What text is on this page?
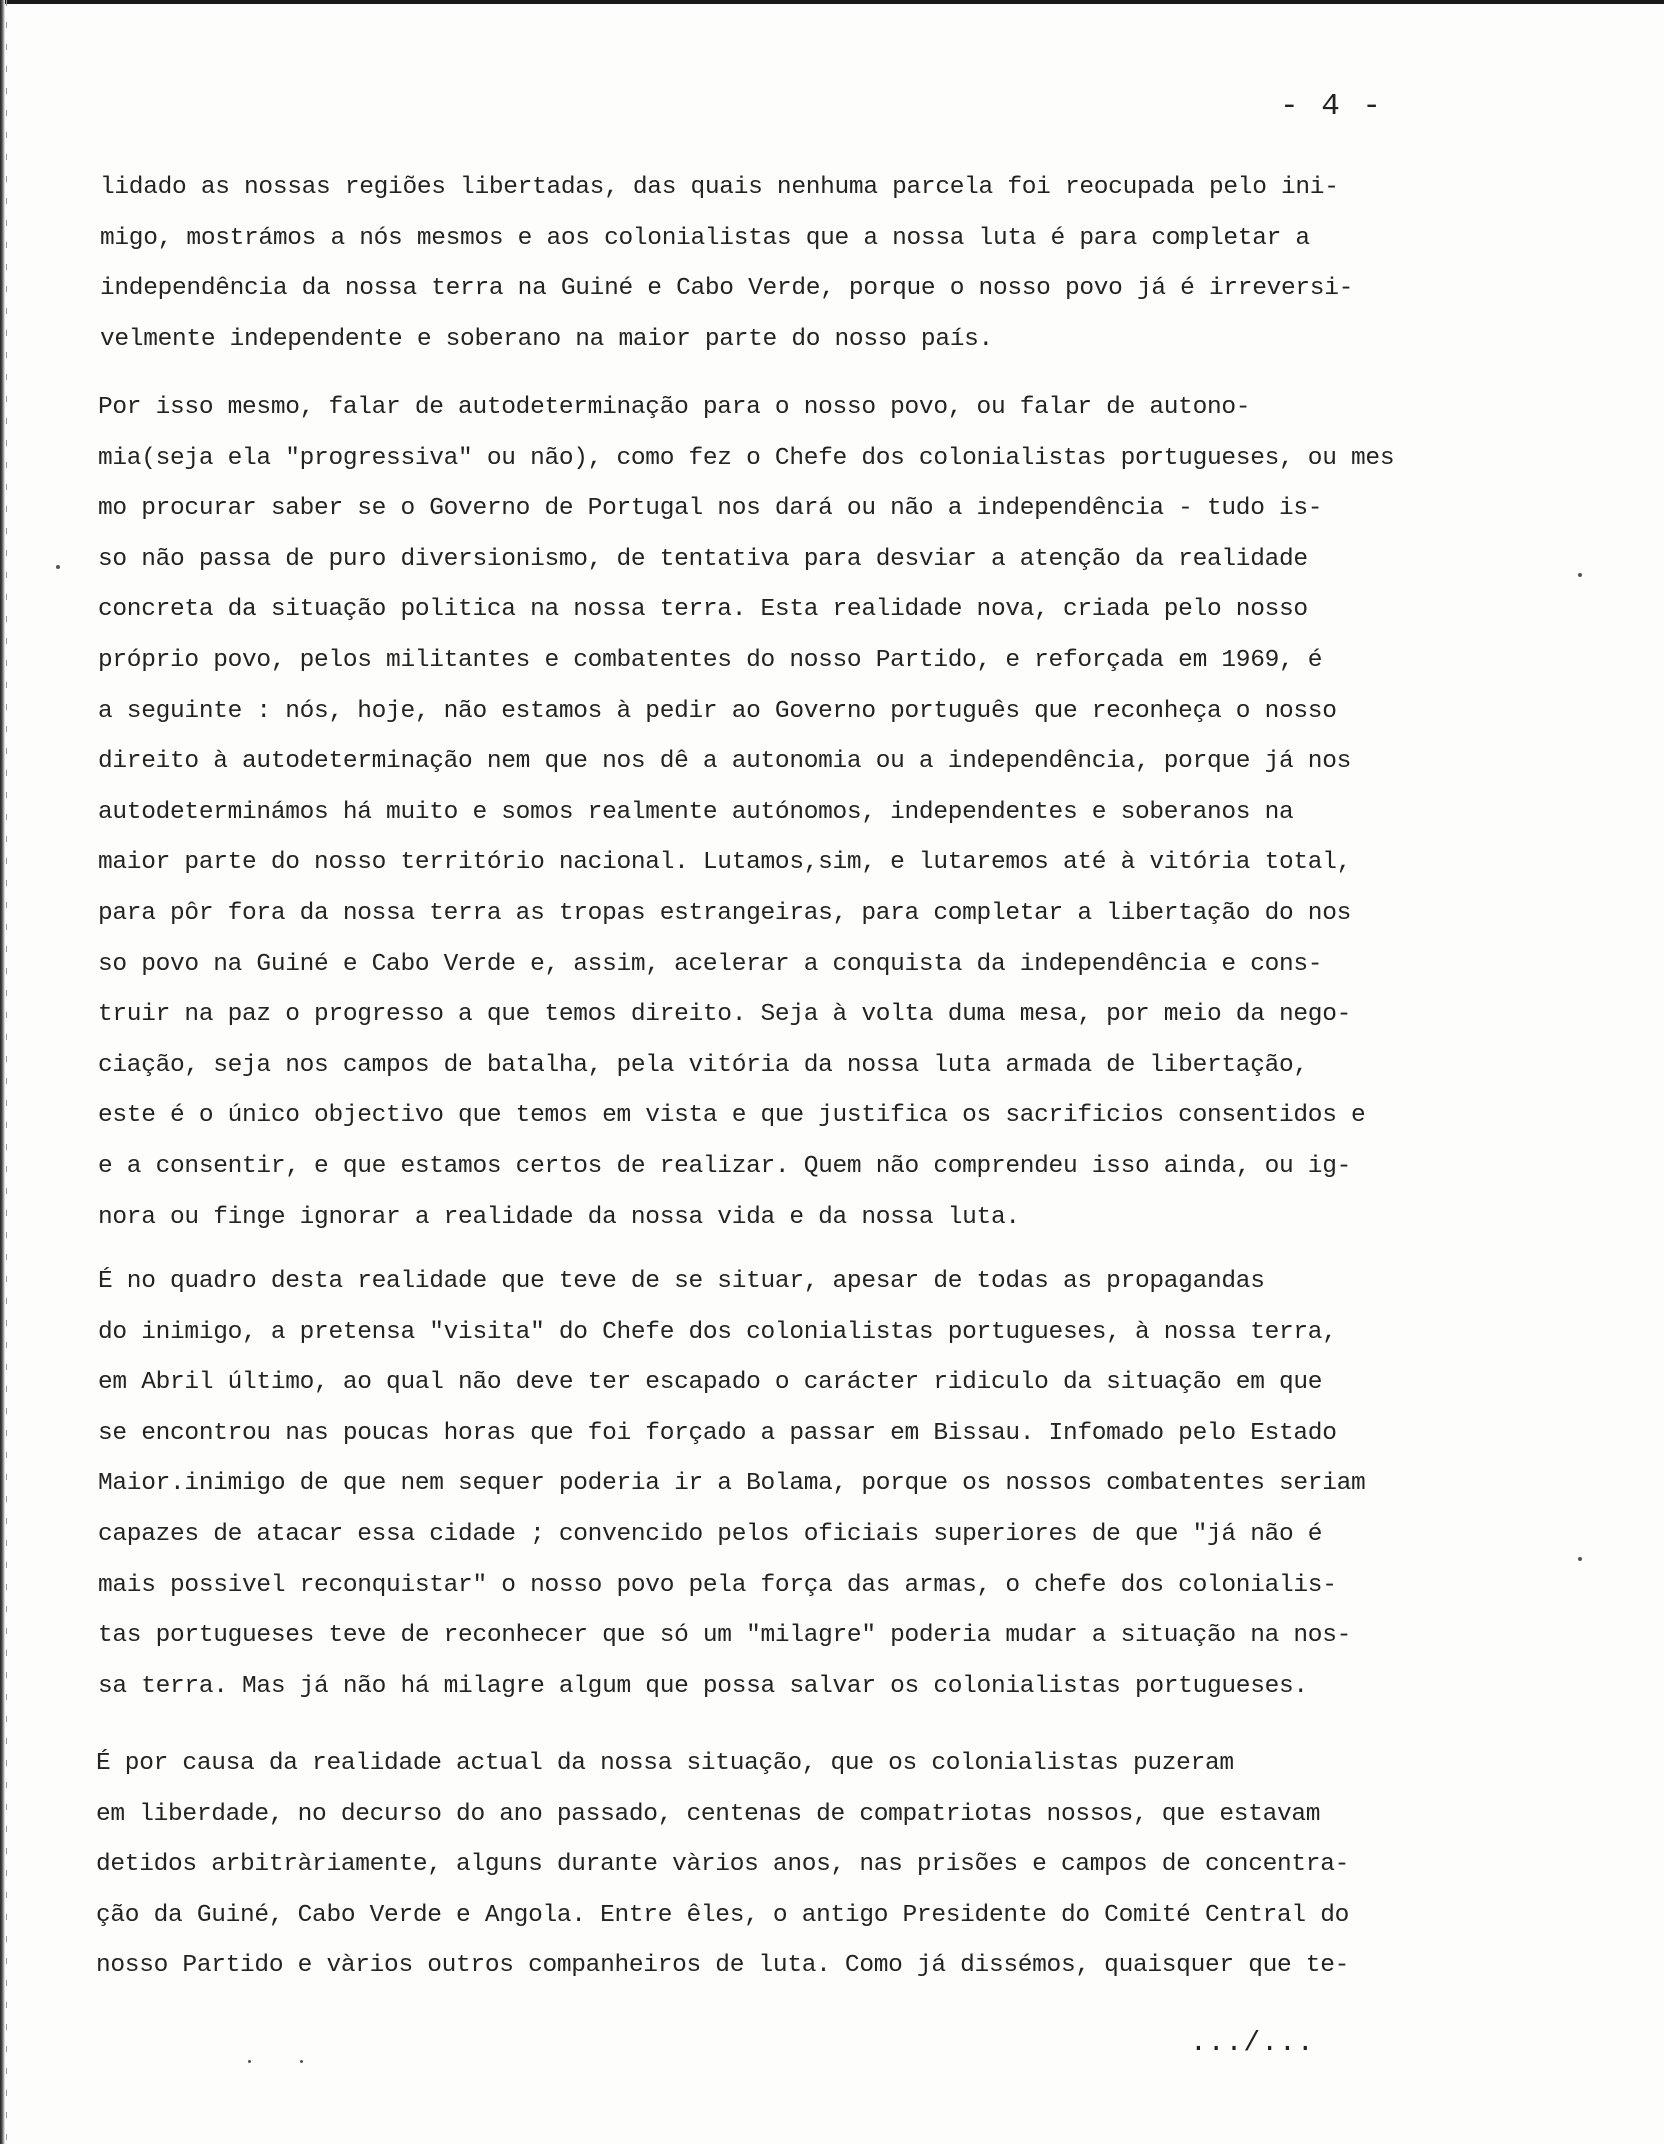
- 4 -
lidado as nossas regiões libertadas, das quais nenhuma parcela foi reocupada pelo ini-
migo, mostrámos a nós mesmos e aos colonialistas que a nossa luta é para completar a
independência da nossa terra na Guiné e Cabo Verde, porque o nosso povo já é irreversi-
velmente independente e soberano na maior parte do nosso país.
Por isso mesmo, falar de autodeterminação para o nosso povo, ou falar de autono-
mia(seja ela "progressiva" ou não), como fez o Chefe dos colonialistas portugueses, ou mes
mo procurar saber se o Governo de Portugal nos dará ou não a independência - tudo is-
so não passa de puro diversionismo, de tentativa para desviar a atenção da realidade
concreta da situação politica na nossa terra. Esta realidade nova, criada pelo nosso
próprio povo, pelos militantes e combatentes do nosso Partido, e reforçada em 1969, é
a seguinte : nós, hoje, não estamos à pedir ao Governo português que reconheça o nosso
direito à autodeterminação nem que nos dê a autonomia ou a independência, porque já nos
autodeterminámos há muito e somos realmente autónomos, independentes e soberanos na
maior parte do nosso território nacional. Lutamos,sim, e lutaremos até à vitória total,
para pôr fora da nossa terra as tropas estrangeiras, para completar a libertação do nos
so povo na Guiné e Cabo Verde e, assim, acelerar a conquista da independência e cons-
truir na paz o progresso a que temos direito. Seja à volta duma mesa, por meio da nego-
ciação, seja nos campos de batalha, pela vitória da nossa luta armada de libertação,
este é o único objectivo que temos em vista e que justifica os sacrificios consentidos e
e a consentir, e que estamos certos de realizar. Quem não comprendeu isso ainda, ou ig-
nora ou finge ignorar a realidade da nossa vida e da nossa luta.
É no quadro desta realidade que teve de se situar, apesar de todas as propagandas
do inimigo, a pretensa "visita" do Chefe dos colonialistas portugueses, à nossa terra,
em Abril último, ao qual não deve ter escapado o carácter ridiculo da situação em que
se encontrou nas poucas horas que foi forçado a passar em Bissau. Infomado pelo Estado
Maior.inimigo de que nem sequer poderia ir a Bolama, porque os nossos combatentes seriam
capazes de atacar essa cidade ; convencido pelos oficiais superiores de que "já não é
mais possivel reconquistar" o nosso povo pela força das armas, o chefe dos colonialis-
tas portugueses teve de reconhecer que só um "milagre" poderia mudar a situação na nos-
sa terra. Mas já não há milagre algum que possa salvar os colonialistas portugueses.
É por causa da realidade actual da nossa situação, que os colonialistas puzeram
em liberdade, no decurso do ano passado, centenas de compatriotas nossos, que estavam
detidos arbitràriamente, alguns durante vàrios anos, nas prisões e campos de concentra-
ção da Guiné, Cabo Verde e Angola. Entre êles, o antigo Presidente do Comité Central do
nosso Partido e vàrios outros companheiros de luta. Como já dissémos, quaisquer que te-
.../...
